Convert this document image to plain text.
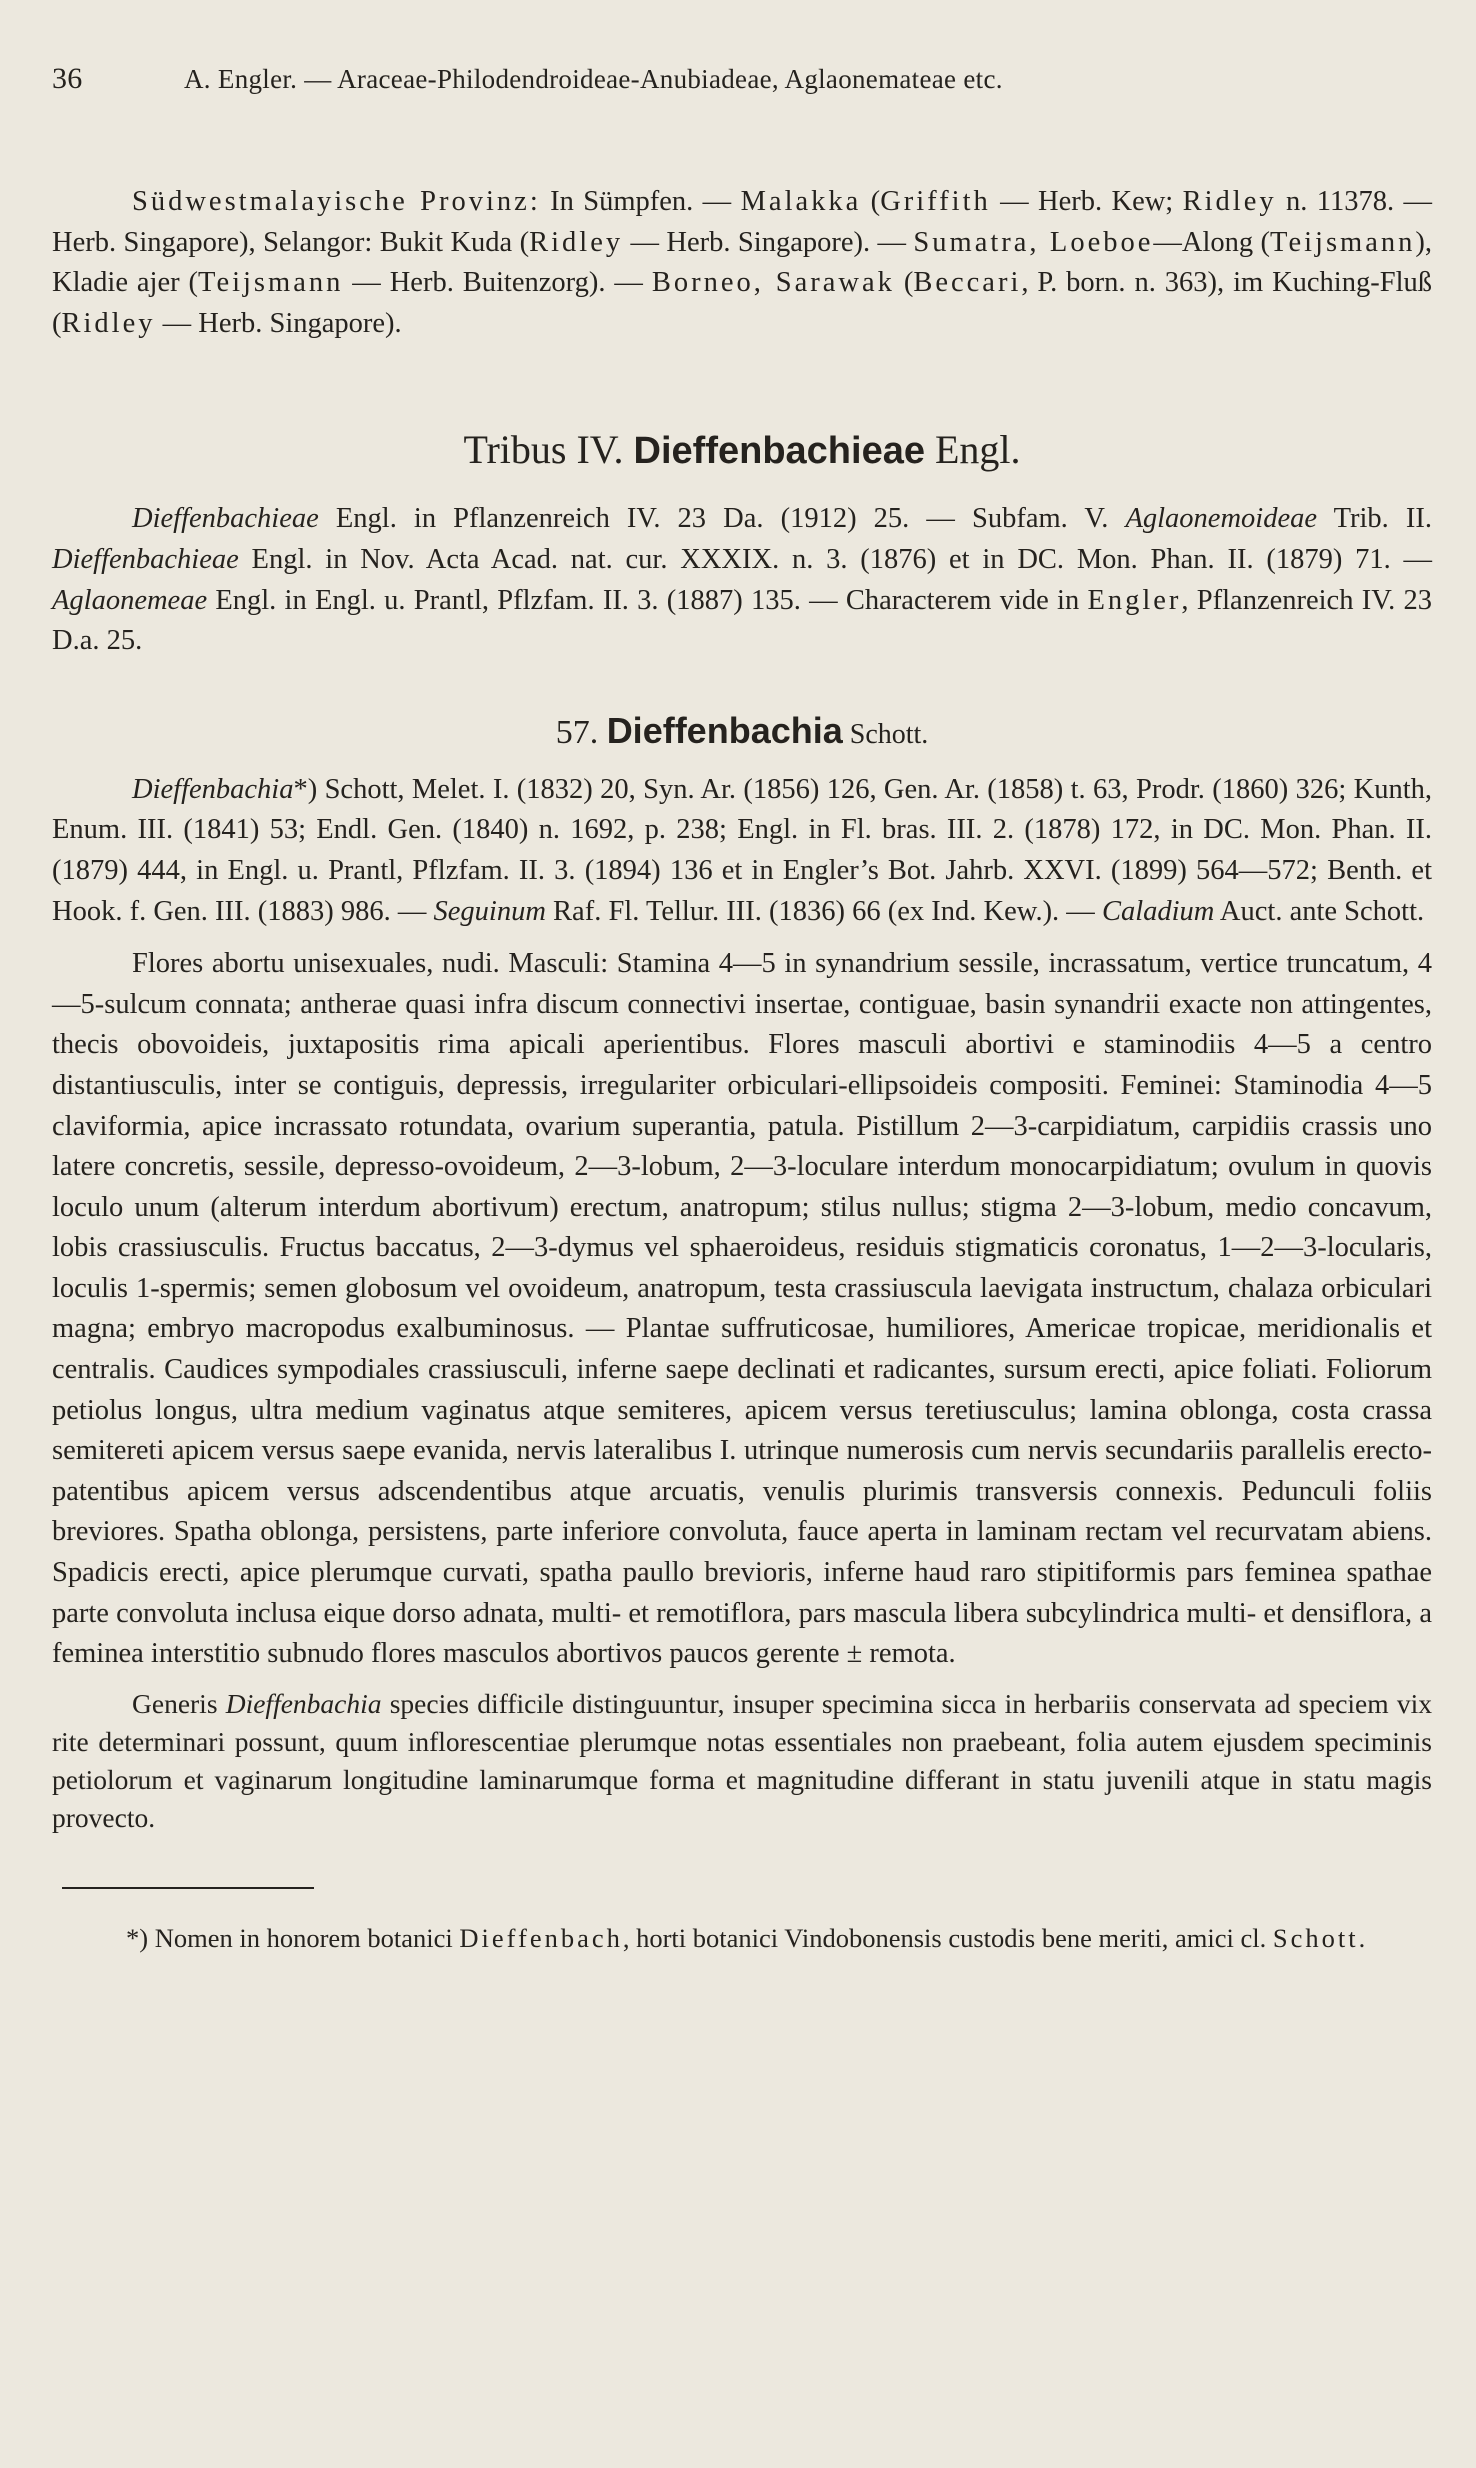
36	A. Engler. — Araceae-Philodendroideae-Anubiadeae, Aglaonemateae etc.

Südwestmalayische Provinz: In Sümpfen. — Malakka (Griffith — Herb. Kew; Ridley n. 11378. — Herb. Singapore), Selangor: Bukit Kuda (Ridley — Herb. Singapore). — Sumatra, Loeboe—Along (Teijsmann), Kladie ajer (Teijsmann — Herb. Buitenzorg). — Borneo, Sarawak (Beccari, P. born. n. 363), im Kuching-Fluß (Ridley — Herb. Singapore).

Tribus IV. Dieffenbachieae Engl.

Dieffenbachieae Engl. in Pflanzenreich IV. 23 Da. (1912) 25. — Subfam. V. Aglaonemoideae Trib. II. Dieffenbachieae Engl. in Nov. Acta Acad. nat. cur. XXXIX. n. 3. (1876) et in DC. Mon. Phan. II. (1879) 71. — Aglaonemeae Engl. in Engl. u. Prantl, Pflzfam. II. 3. (1887) 135. — Characterem vide in Engler, Pflanzenreich IV. 23 D.a. 25.

57. Dieffenbachia Schott.

Dieffenbachia*) Schott, Melet. I. (1832) 20, Syn. Ar. (1856) 126, Gen. Ar. (1858) t. 63, Prodr. (1860) 326; Kunth, Enum. III. (1841) 53; Endl. Gen. (1840) n. 1692, p. 238; Engl. in Fl. bras. III. 2. (1878) 172, in DC. Mon. Phan. II. (1879) 444, in Engl. u. Prantl, Pflzfam. II. 3. (1894) 136 et in Engler’s Bot. Jahrb. XXVI. (1899) 564—572; Benth. et Hook. f. Gen. III. (1883) 986. — Seguinum Raf. Fl. Tellur. III. (1836) 66 (ex Ind. Kew.). — Caladium Auct. ante Schott.

Flores abortu unisexuales, nudi. Masculi: Stamina 4—5 in synandrium sessile, incrassatum, vertice truncatum, 4—5-sulcum connata; antherae quasi infra discum connectivi insertae, contiguae, basin synandrii exacte non attingentes, thecis obovoideis, juxtapositis rima apicali aperientibus. Flores masculi abortivi e staminodiis 4—5 a centro distantiusculis, inter se contiguis, depressis, irregulariter orbiculari-ellipsoideis compositi. Feminei: Staminodia 4—5 claviformia, apice incrassato rotundata, ovarium superantia, patula. Pistillum 2—3-carpidiatum, carpidiis crassis uno latere concretis, sessile, depresso-ovoideum, 2—3-lobum, 2—3-loculare interdum monocarpidiatum; ovulum in quovis loculo unum (alterum interdum abortivum) erectum, anatropum; stilus nullus; stigma 2—3-lobum, medio concavum, lobis crassiusculis. Fructus baccatus, 2—3-dymus vel sphaeroideus, residuis stigmaticis coronatus, 1—2—3-locularis, loculis 1-spermis; semen globosum vel ovoideum, anatropum, testa crassiuscula laevigata instructum, chalaza orbiculari magna; embryo macropodus exalbuminosus. — Plantae suffruticosae, humiliores, Americae tropicae, meridionalis et centralis. Caudices sympodiales crassiusculi, inferne saepe declinati et radicantes, sursum erecti, apice foliati. Foliorum petiolus longus, ultra medium vaginatus atque semiteres, apicem versus teretiusculus; lamina oblonga, costa crassa semitereti apicem versus saepe evanida, nervis lateralibus I. utrinque numerosis cum nervis secundariis parallelis erecto-patentibus apicem versus adscendentibus atque arcuatis, venulis plurimis transversis connexis. Pedunculi foliis breviores. Spatha oblonga, persistens, parte inferiore convoluta, fauce aperta in laminam rectam vel recurvatam abiens. Spadicis erecti, apice plerumque curvati, spatha paullo brevioris, inferne haud raro stipitiformis pars feminea spathae parte convoluta inclusa eique dorso adnata, multi- et remotiflora, pars mascula libera subcylindrica multi- et densiflora, a feminea interstitio subnudo flores masculos abortivos paucos gerente ± remota.

Generis Dieffenbachia species difficile distinguuntur, insuper specimina sicca in herbariis conservata ad speciem vix rite determinari possunt, quum inflorescentiae plerumque notas essentiales non praebeant, folia autem ejusdem speciminis petiolorum et vaginarum longitudine laminarumque forma et magnitudine differant in statu juvenili atque in statu magis provecto.

*) Nomen in honorem botanici Dieffenbach, horti botanici Vindobonensis custodis bene meriti, amici cl. Schott.
